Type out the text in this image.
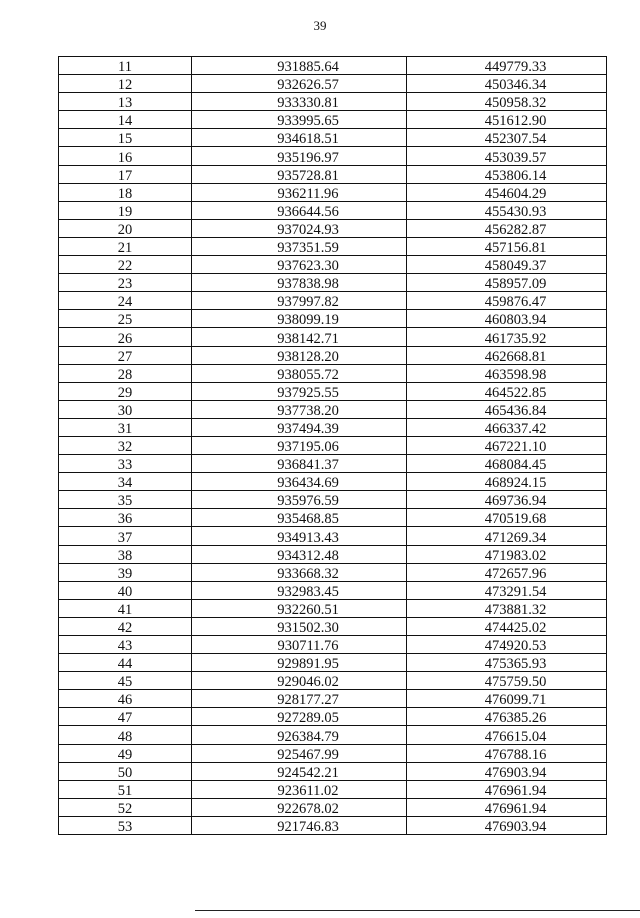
39
11	931885.64	449779.33
12	932626.57	450346.34
13	933330.81	450958.32
14	933995.65	451612.90
15	934618.51	452307.54
16	935196.97	453039.57
17	935728.81	453806.14
18	936211.96	454604.29
19	936644.56	455430.93
20	937024.93	456282.87
21	937351.59	457156.81
22	937623.30	458049.37
23	937838.98	458957.09
24	937997.82	459876.47
25	938099.19	460803.94
26	938142.71	461735.92
27	938128.20	462668.81
28	938055.72	463598.98
29	937925.55	464522.85
30	937738.20	465436.84
31	937494.39	466337.42
32	937195.06	467221.10
33	936841.37	468084.45
34	936434.69	468924.15
35	935976.59	469736.94
36	935468.85	470519.68
37	934913.43	471269.34
38	934312.48	471983.02
39	933668.32	472657.96
40	932983.45	473291.54
41	932260.51	473881.32
42	931502.30	474425.02
43	930711.76	474920.53
44	929891.95	475365.93
45	929046.02	475759.50
46	928177.27	476099.71
47	927289.05	476385.26
48	926384.79	476615.04
49	925467.99	476788.16
50	924542.21	476903.94
51	923611.02	476961.94
52	922678.02	476961.94
53	921746.83	476903.94
